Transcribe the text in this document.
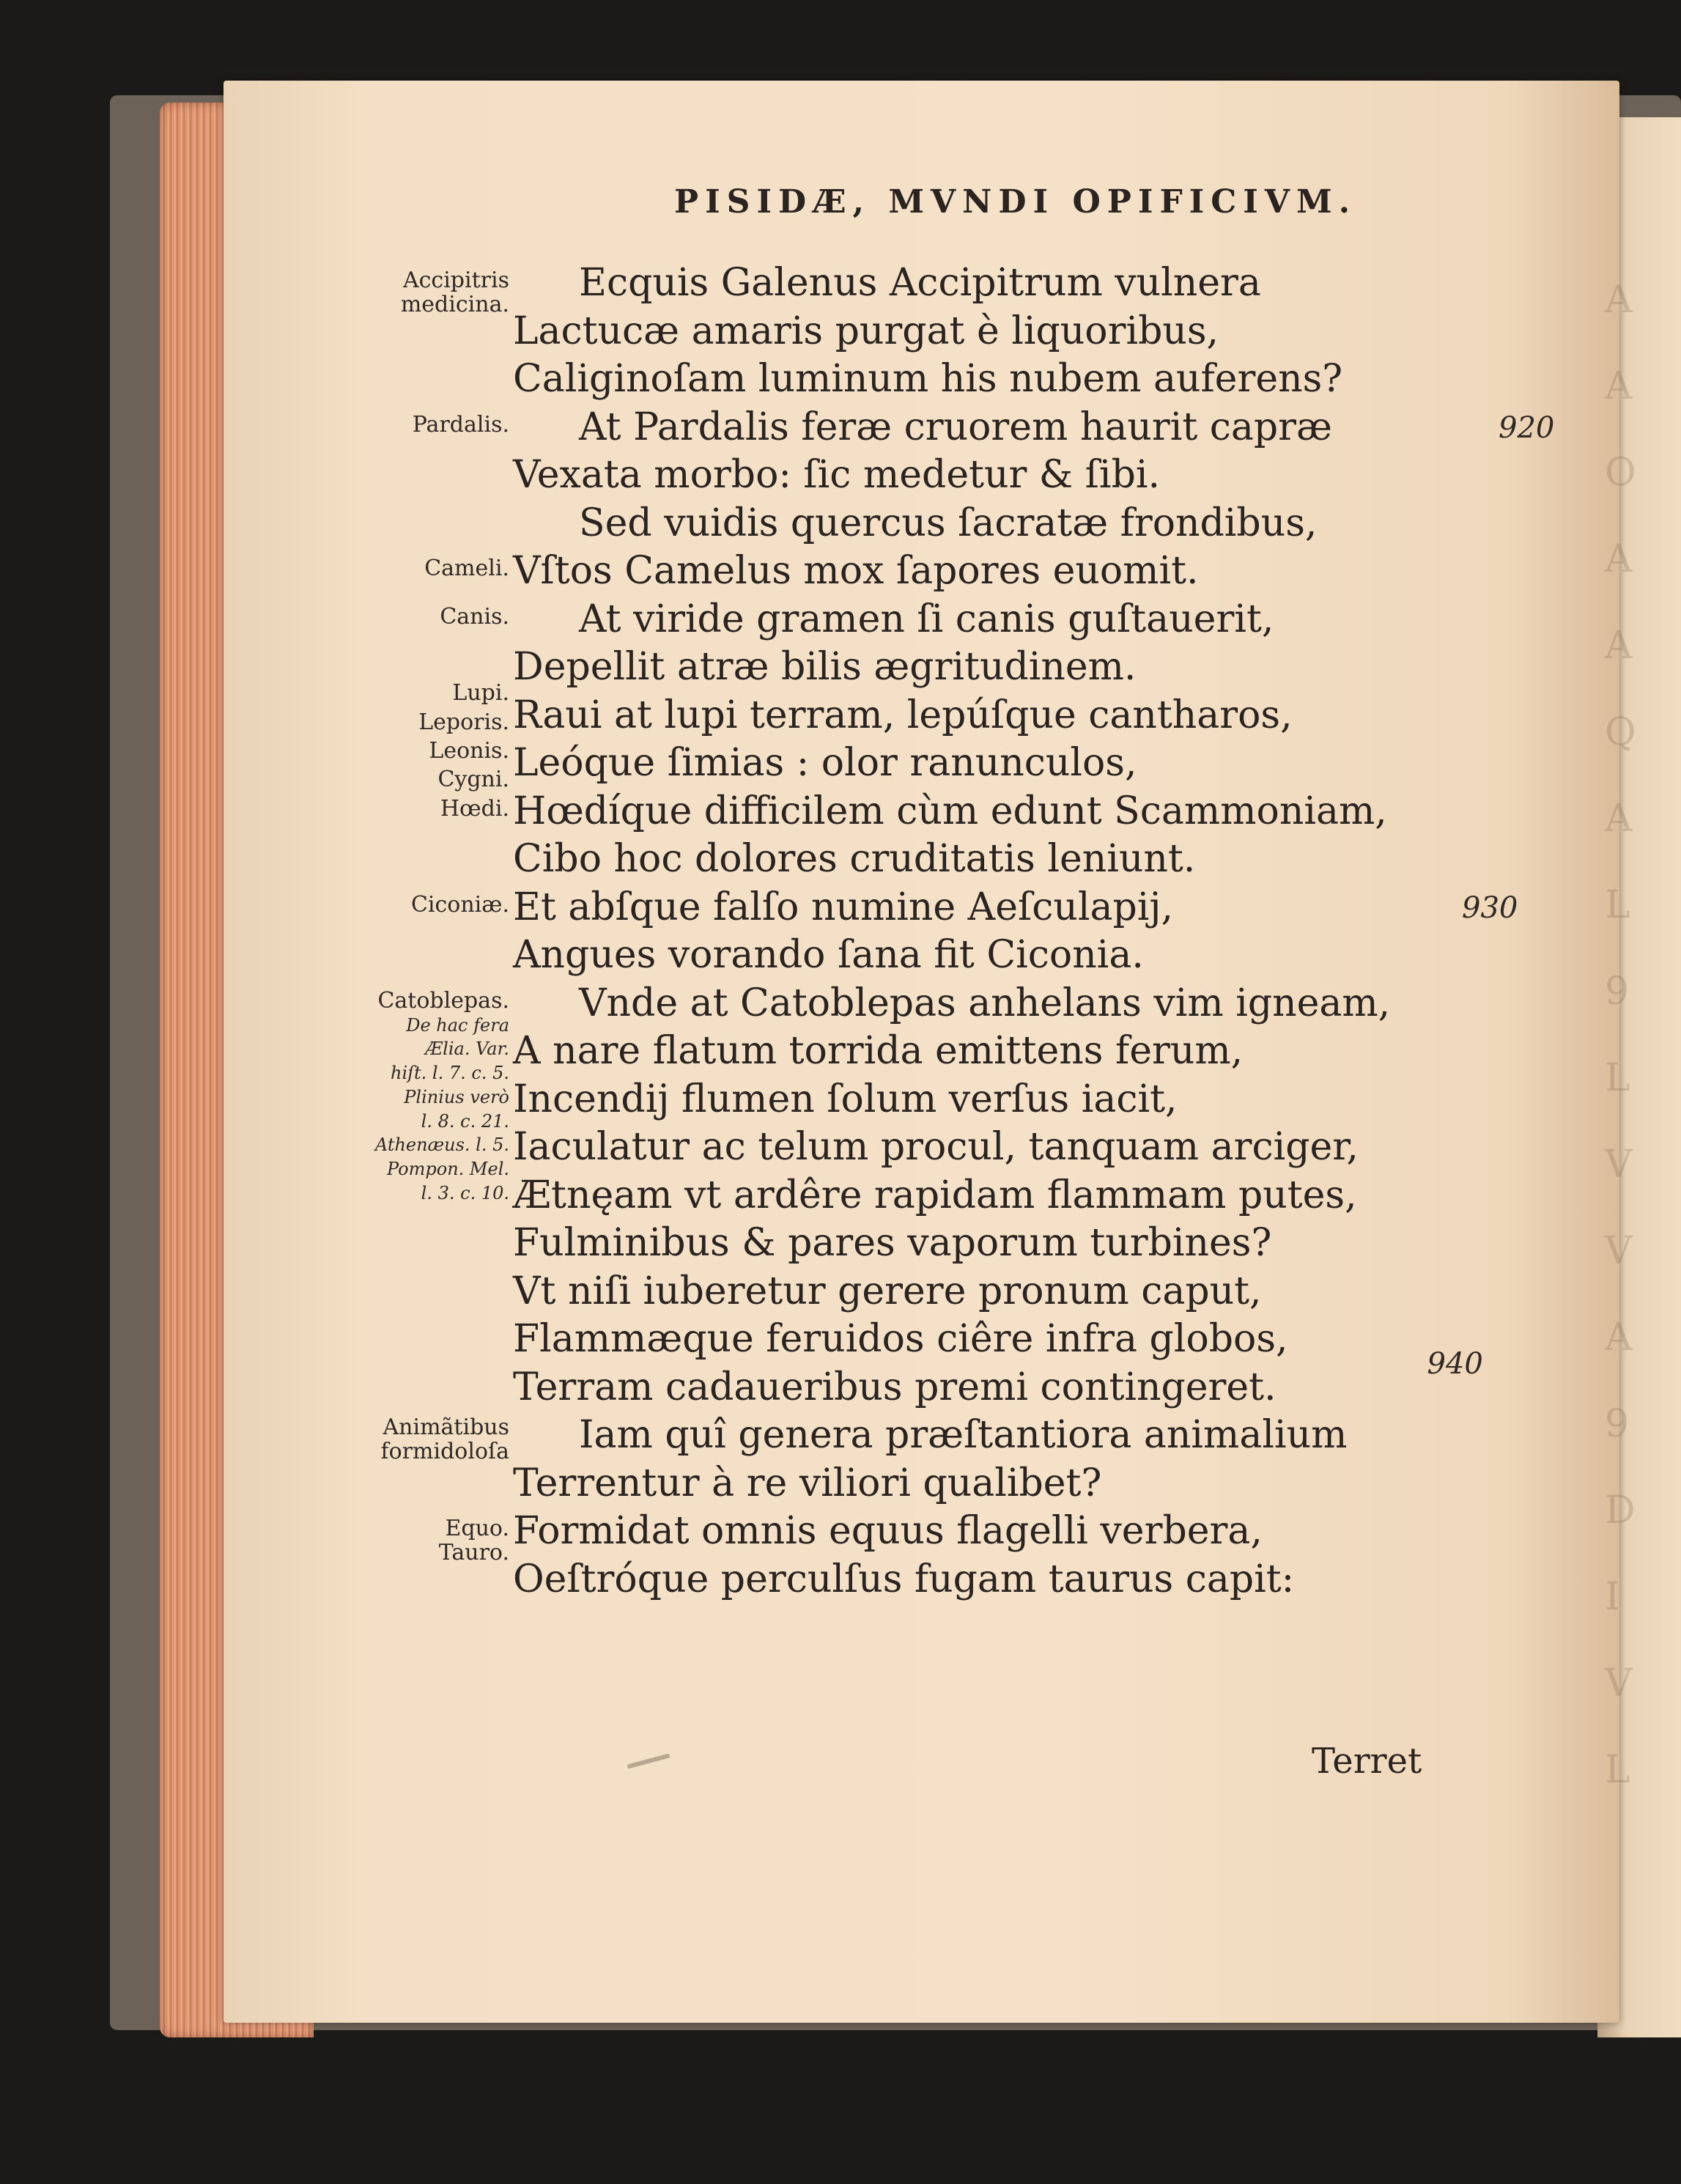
A
A
O
A
A
Q
A
L
9
L
V
V
A
9
D
I
V
L
PISIDÆ, MVNDI OPIFICIVM.
Ecquis Galenus Accipitrum vulnera
Lactucæ amaris purgat è liquoribus,
Caliginoſam luminum his nubem auferens?
At Pardalis feræ cruorem haurit capræ
Vexata morbo: ſic medetur & ſibi.
Sed vuidis quercus ſacratæ frondibus,
Vſtos Camelus mox ſapores euomit.
At viride gramen ſi canis guſtauerit,
Depellit atræ bilis ægritudinem.
Raui at lupi terram, lepúſque cantharos,
Leóque ſimias : olor ranunculos,
Hœdíque difficilem cùm edunt Scammoniam,
Cibo hoc dolores cruditatis leniunt.
Et abſque falſo numine Aeſculapij,
Angues vorando ſana fit Ciconia.
Vnde at Catoblepas anhelans vim igneam,
A nare flatum torrida emittens ferum,
Incendij flumen ſolum verſus iacit,
Iaculatur ac telum procul, tanquam arciger,
Ætnęam vt ardêre rapidam flammam putes,
Fulminibus & pares vaporum turbines?
Vt niſi iuberetur gerere pronum caput,
Flammæque feruidos ciêre infra globos,
Terram cadaueribus premi contingeret.
Iam quî genera præſtantiora animalium
Terrentur à re viliori qualibet?
Formidat omnis equus flagelli verbera,
Oeſtróque perculſus fugam taurus capit:
Accipitris
medicina.
Pardalis.
Cameli.
Canis.
Lupi.
Leporis.
Leonis.
Cygni.
Hœdi.
Ciconiæ.
Catoblepas.
De hac fera
Ælia. Var.
hiſt. l. 7. c. 5.
Plinius verò
l. 8. c. 21.
Athenæus. l. 5.
Pompon. Mel.
l. 3. c. 10.
Animãtibus
formidoloſa
Equo.
Tauro.
920
930
940
Terret
